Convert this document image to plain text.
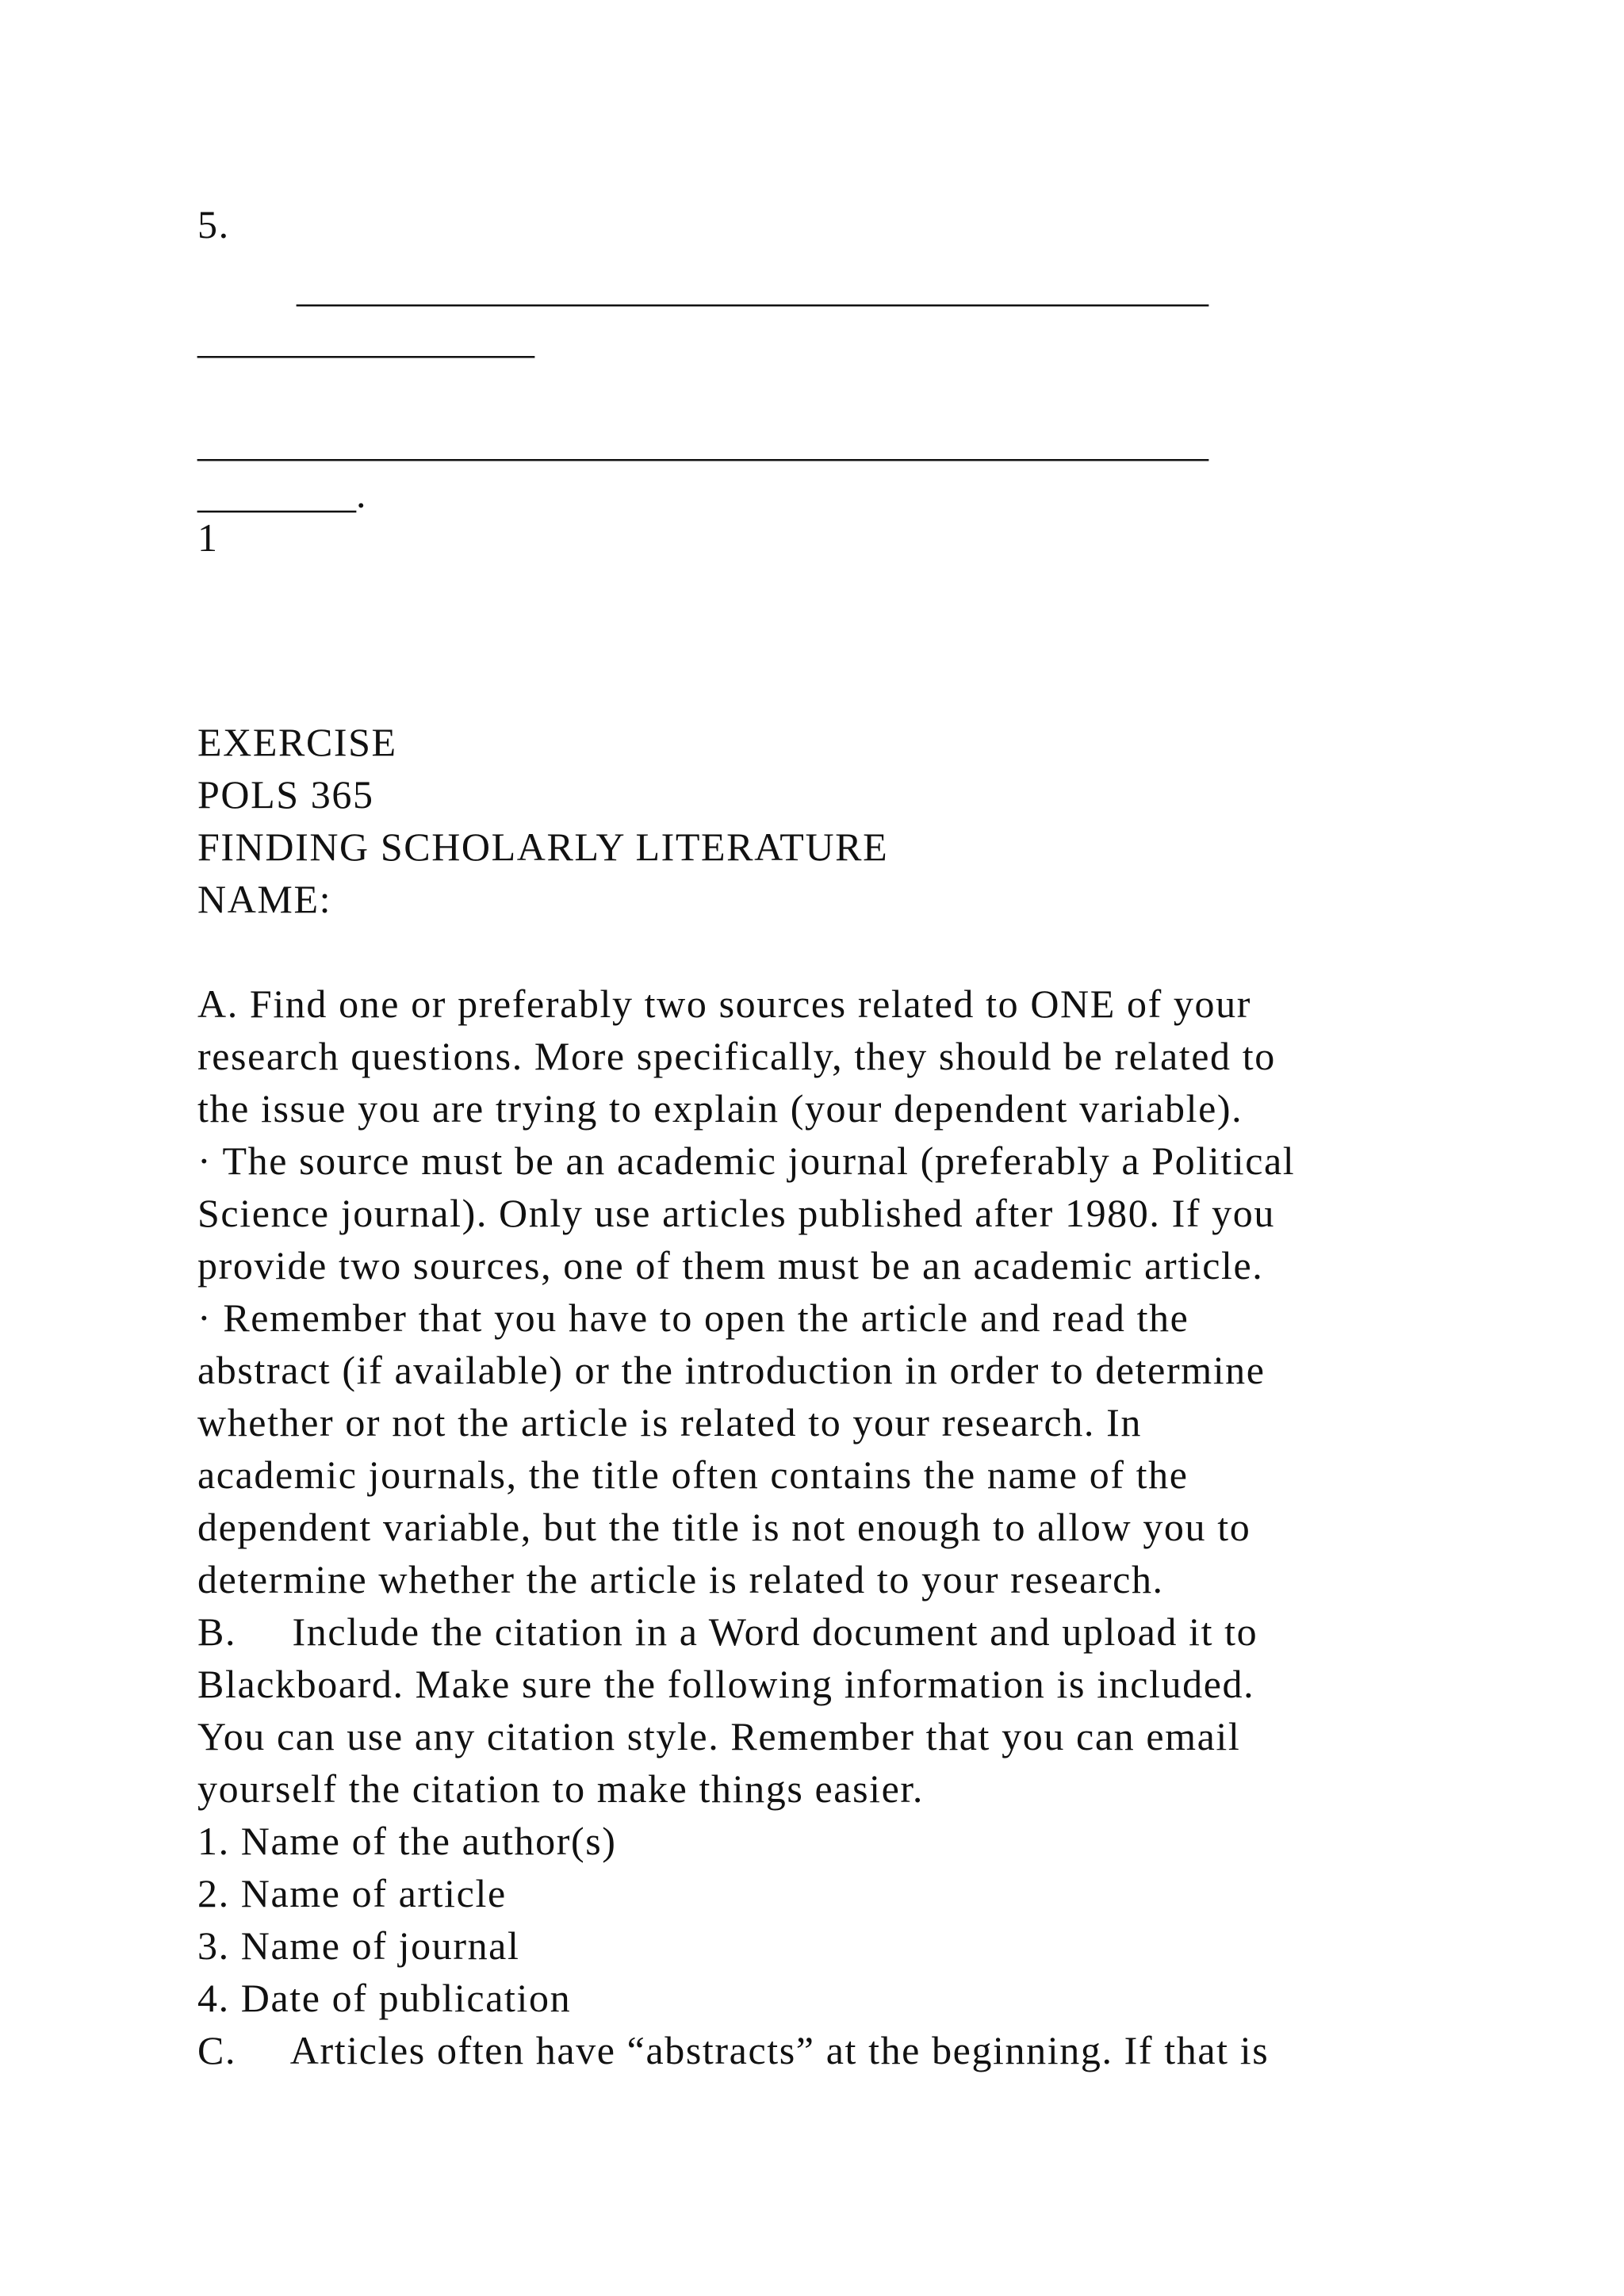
5.
______________________________________________
_________________
___________________________________________________
________.
1
EXERCISE
POLS 365
FINDING SCHOLARLY LITERATURE
NAME:
A. Find one or preferably two sources related to ONE of your
research questions. More specifically, they should be related to
the issue you are trying to explain (your dependent variable).
· The source must be an academic journal (preferably a Political
Science journal). Only use articles published after 1980. If you
provide two sources, one of them must be an academic article.
· Remember that you have to open the article and read the
abstract (if available) or the introduction in order to determine
whether or not the article is related to your research. In
academic journals, the title often contains the name of the
dependent variable, but the title is not enough to allow you to
determine whether the article is related to your research.
B.     Include the citation in a Word document and upload it to
Blackboard. Make sure the following information is included.
You can use any citation style. Remember that you can email
yourself the citation to make things easier.
1. Name of the author(s)
2. Name of article
3. Name of journal
4. Date of publication
C.     Articles often have “abstracts” at the beginning. If that is
